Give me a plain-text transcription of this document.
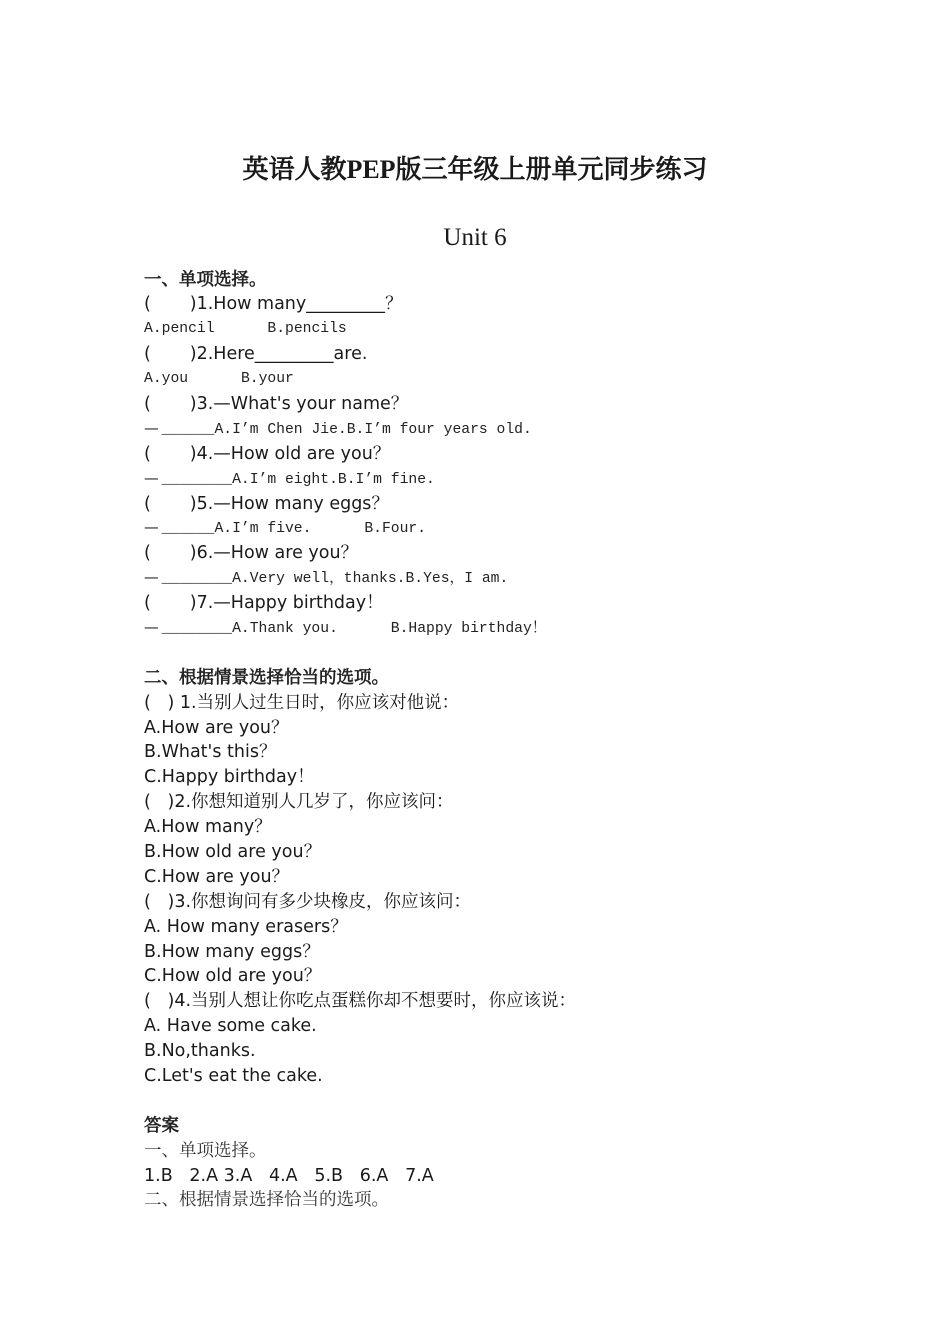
英语人教PEP版三年级上册单元同步练习
Unit 6
一、单项选择。
(       )1.How many_________？
A.pencil      B.pencils
(       )2.Here_________are.
A.you      B.your
(       )3.—What's your name？
— ______A.I’m Chen Jie.B.I’m four years old.
(       )4.—How old are you？
— ________A.I’m eight.B.I’m fine.
(       )5.—How many eggs？
— ______A.I’m five.      B.Four.
(       )6.—How are you？
— ________A.Very well，thanks.B.Yes，I am.
(       )7.—Happy birthday！
— ________A.Thank you.      B.Happy birthday！
二、根据情景选择恰当的选项。
(   ) 1.当别人过生日时，你应该对他说：
A.How are you？
B.What's this？
C.Happy birthday！
(   )2.你想知道别人几岁了，你应该问：
A.How many？
B.How old are you？
C.How are you？
(   )3.你想询问有多少块橡皮，你应该问：
A. How many erasers？
B.How many eggs？
C.How old are you？
(   )4.当别人想让你吃点蛋糕你却不想要时，你应该说：
A. Have some cake.
B.No,thanks.
C.Let's eat the cake.
答案
一、单项选择。
1.B   2.A 3.A   4.A   5.B   6.A   7.A
二、根据情景选择恰当的选项。
